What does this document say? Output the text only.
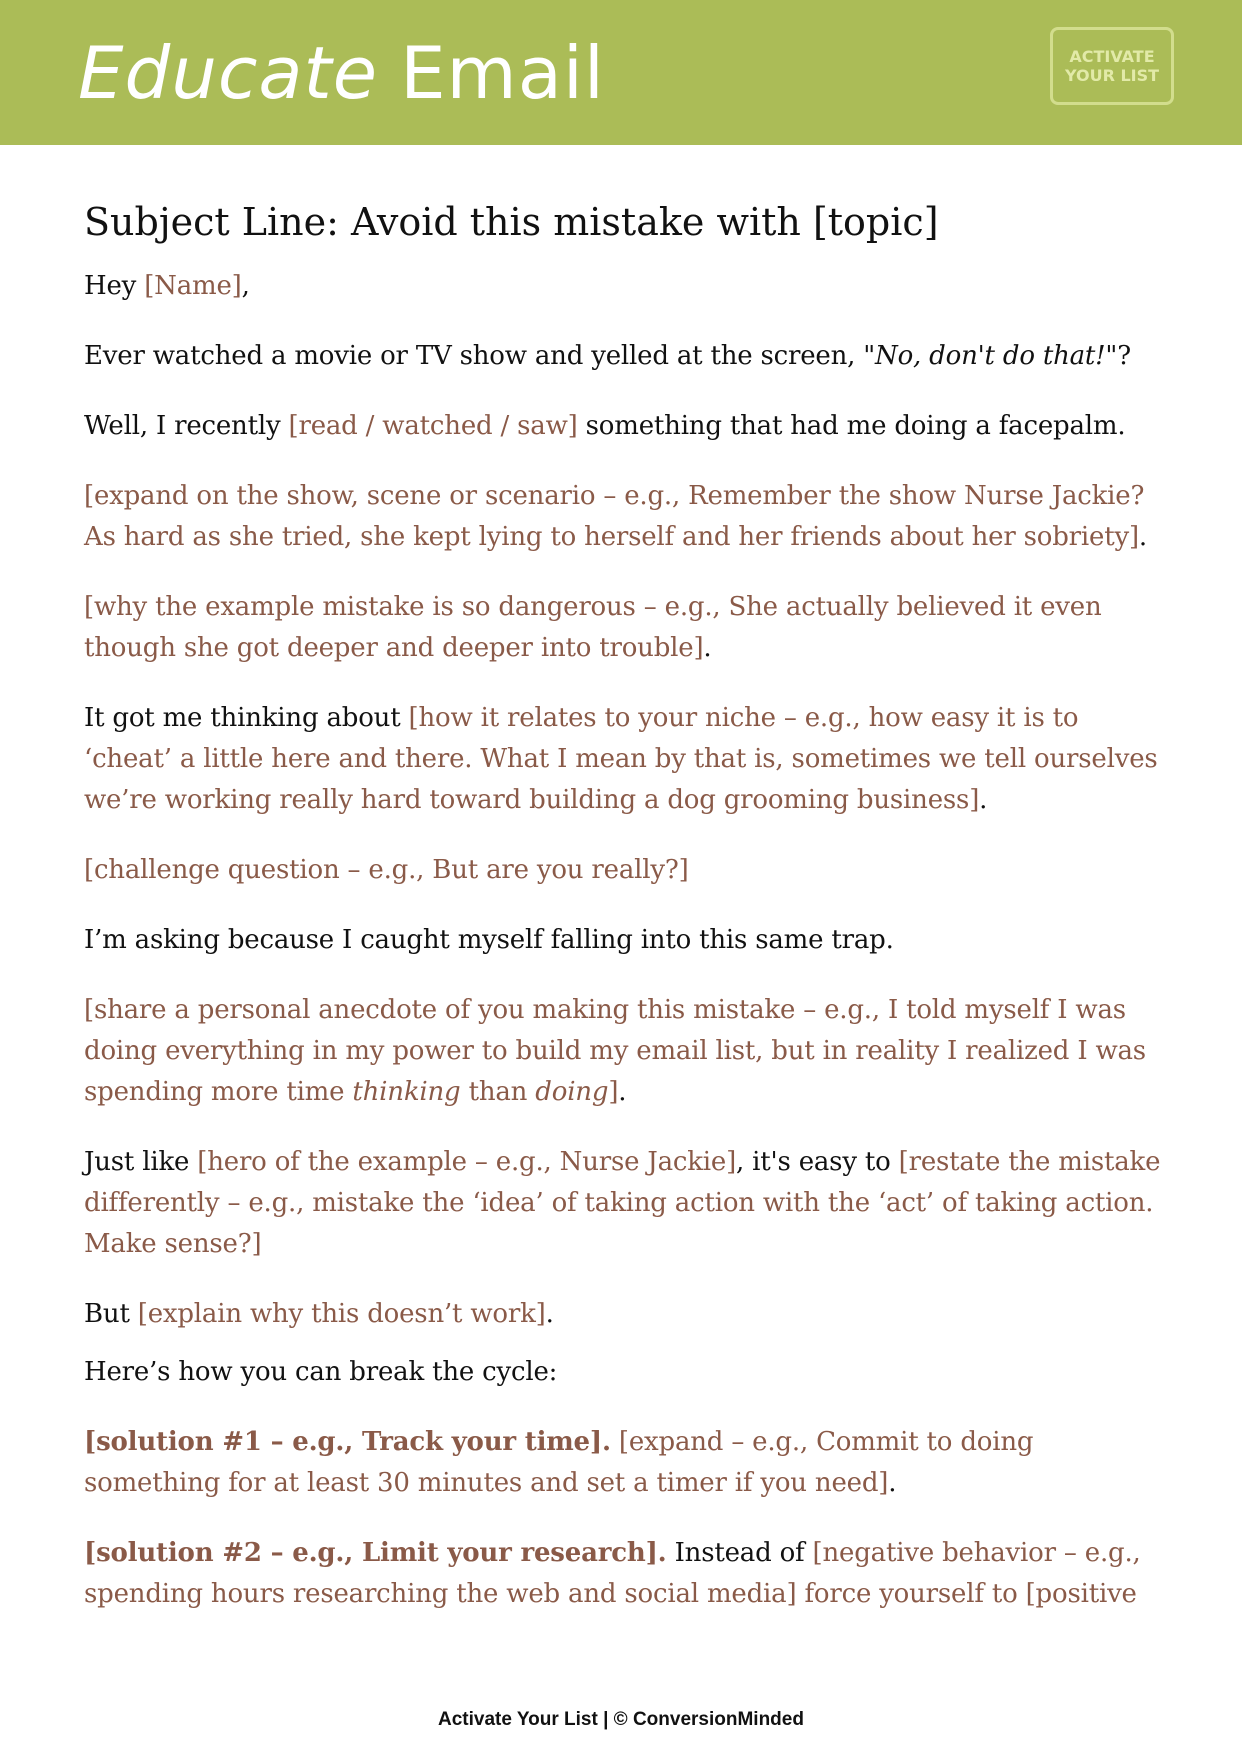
Educate Email	ACTIVATE
YOUR LIST
Subject Line: Avoid this mistake with [topic]

Hey [Name],

Ever watched a movie or TV show and yelled at the screen, "No, don't do that!"?

Well, I recently [read / watched / saw] something that had me doing a facepalm.

[expand on the show, scene or scenario – e.g., Remember the show Nurse Jackie? As hard as she tried, she kept lying to herself and her friends about her sobriety].

[why the example mistake is so dangerous – e.g., She actually believed it even though she got deeper and deeper into trouble].

It got me thinking about [how it relates to your niche – e.g., how easy it is to ‘cheat’ a little here and there. What I mean by that is, sometimes we tell ourselves we’re working really hard toward building a dog grooming business].

[challenge question – e.g., But are you really?]

I’m asking because I caught myself falling into this same trap.

[share a personal anecdote of you making this mistake – e.g., I told myself I was doing everything in my power to build my email list, but in reality I realized I was spending more time thinking than doing].

Just like [hero of the example – e.g., Nurse Jackie], it's easy to [restate the mistake differently – e.g., mistake the ‘idea’ of taking action with the ‘act’ of taking action. Make sense?]

But [explain why this doesn’t work].

Here’s how you can break the cycle:

[solution #1 – e.g., Track your time]. [expand – e.g., Commit to doing something for at least 30 minutes and set a timer if you need].

[solution #2 – e.g., Limit your research]. Instead of [negative behavior – e.g., spending hours researching the web and social media] force yourself to [positive

Activate Your List | © ConversionMinded
